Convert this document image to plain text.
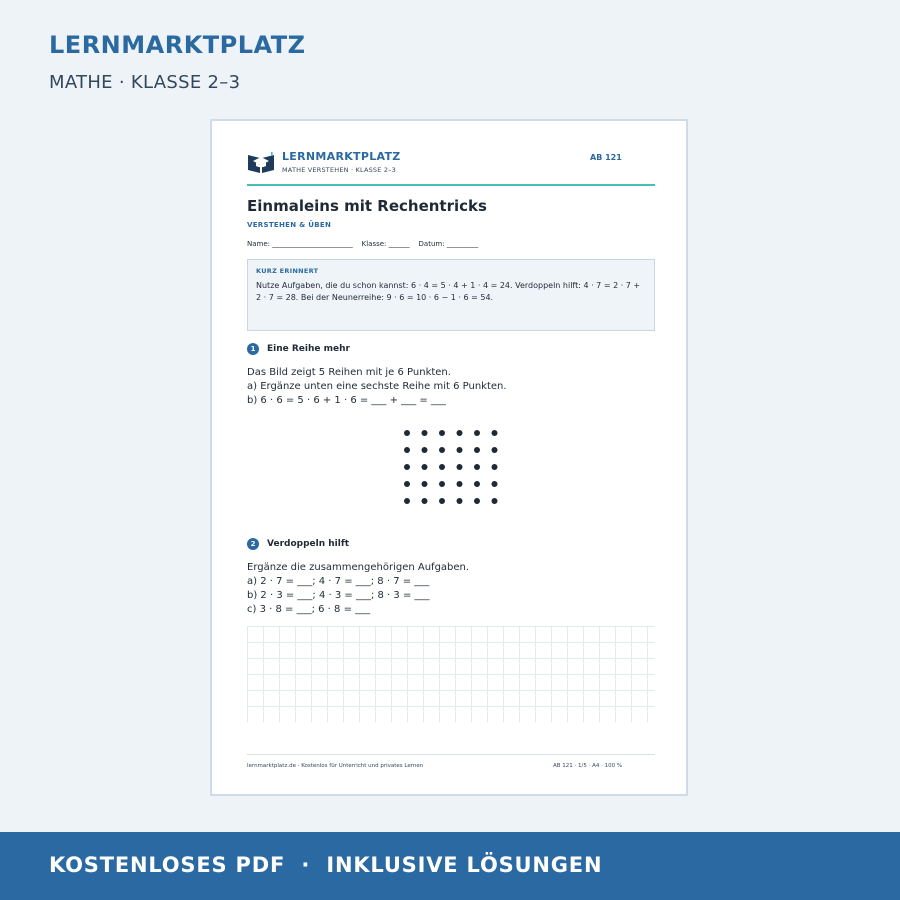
LERNMARKTPLATZ
MATHE · KLASSE 2–3
LERNMARKTPLATZ
MATHE VERSTEHEN · KLASSE 2–3
AB 121
Einmaleins mit Rechentricks
VERSTEHEN & ÜBEN
Name: _______________________    Klasse: ______    Datum: _________
KURZ ERINNERT
Nutze Aufgaben, die du schon kannst: 6 · 4 = 5 · 4 + 1 · 4 = 24. Verdoppeln hilft: 4 · 7 = 2 · 7 + 2 · 7 = 28. Bei der Neunerreihe: 9 · 6 = 10 · 6 − 1 · 6 = 54.
1	Eine Reihe mehr
Das Bild zeigt 5 Reihen mit je 6 Punkten.
a) Ergänze unten eine sechste Reihe mit 6 Punkten.
b) 6 · 6 = 5 · 6 + 1 · 6 = ___ + ___ = ___
2	Verdoppeln hilft
Ergänze die zusammengehörigen Aufgaben.
a) 2 · 7 = ___; 4 · 7 = ___; 8 · 7 = ___
b) 2 · 3 = ___; 4 · 3 = ___; 8 · 3 = ___
c) 3 · 8 = ___; 6 · 8 = ___
lernmarktplatz.de · Kostenlos für Unterricht und privates Lernen	AB 121 · 1/5 · A4 · 100 %
KOSTENLOSES PDF  ·  INKLUSIVE LÖSUNGEN
